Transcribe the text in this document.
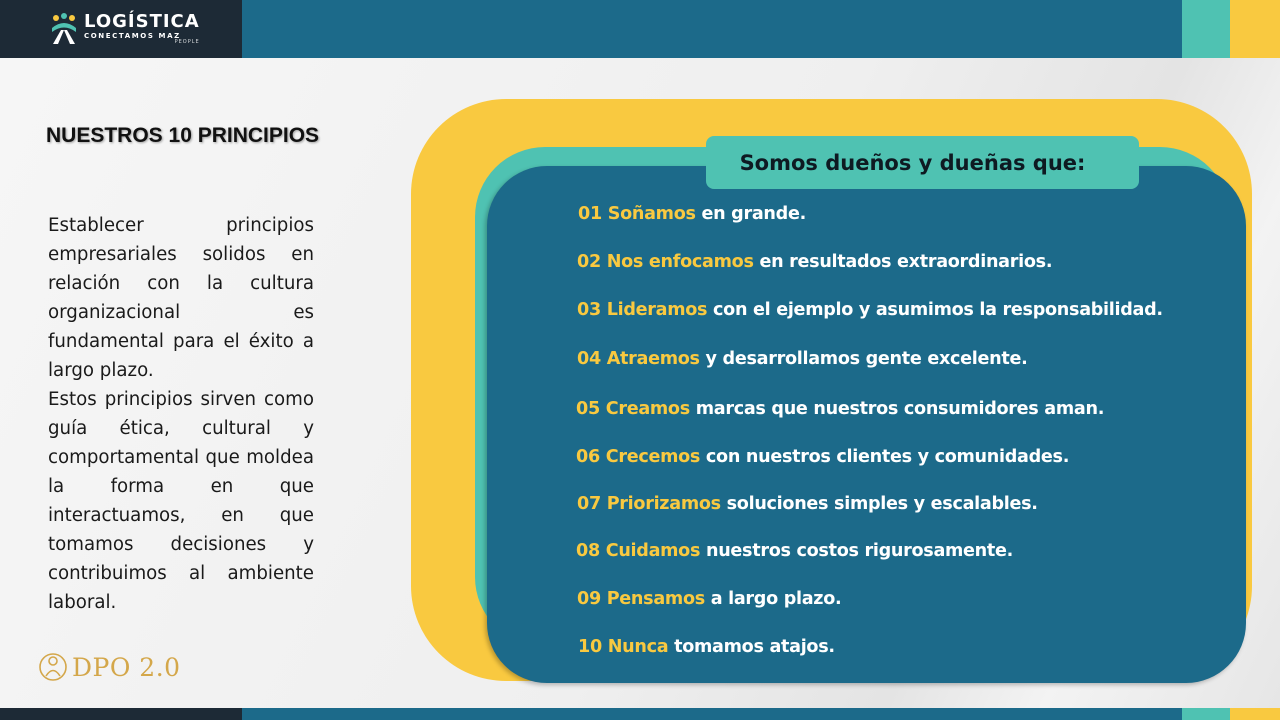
LOGÍSTICA
CONECTAMOS MAZ
PEOPLE
NUESTROS 10 PRINCIPIOS

Establecer principios empresariales solidos en relación con la cultura organizacional es fundamental para el éxito a largo plazo.

Estos principios sirven como guía ética, cultural y comportamental que moldea la forma en que interactuamos, en que tomamos decisiones y contribuimos al ambiente laboral.

DPO 2.0
Somos dueños y dueñas que:
01 Soñamos en grande.
02 Nos enfocamos en resultados extraordinarios.
03 Lideramos con el ejemplo y asumimos la responsabilidad.
04 Atraemos y desarrollamos gente excelente.
05 Creamos marcas que nuestros consumidores aman.
06 Crecemos con nuestros clientes y comunidades.
07 Priorizamos soluciones simples y escalables.
08 Cuidamos nuestros costos rigurosamente.
09 Pensamos a largo plazo.
10 Nunca tomamos atajos.
